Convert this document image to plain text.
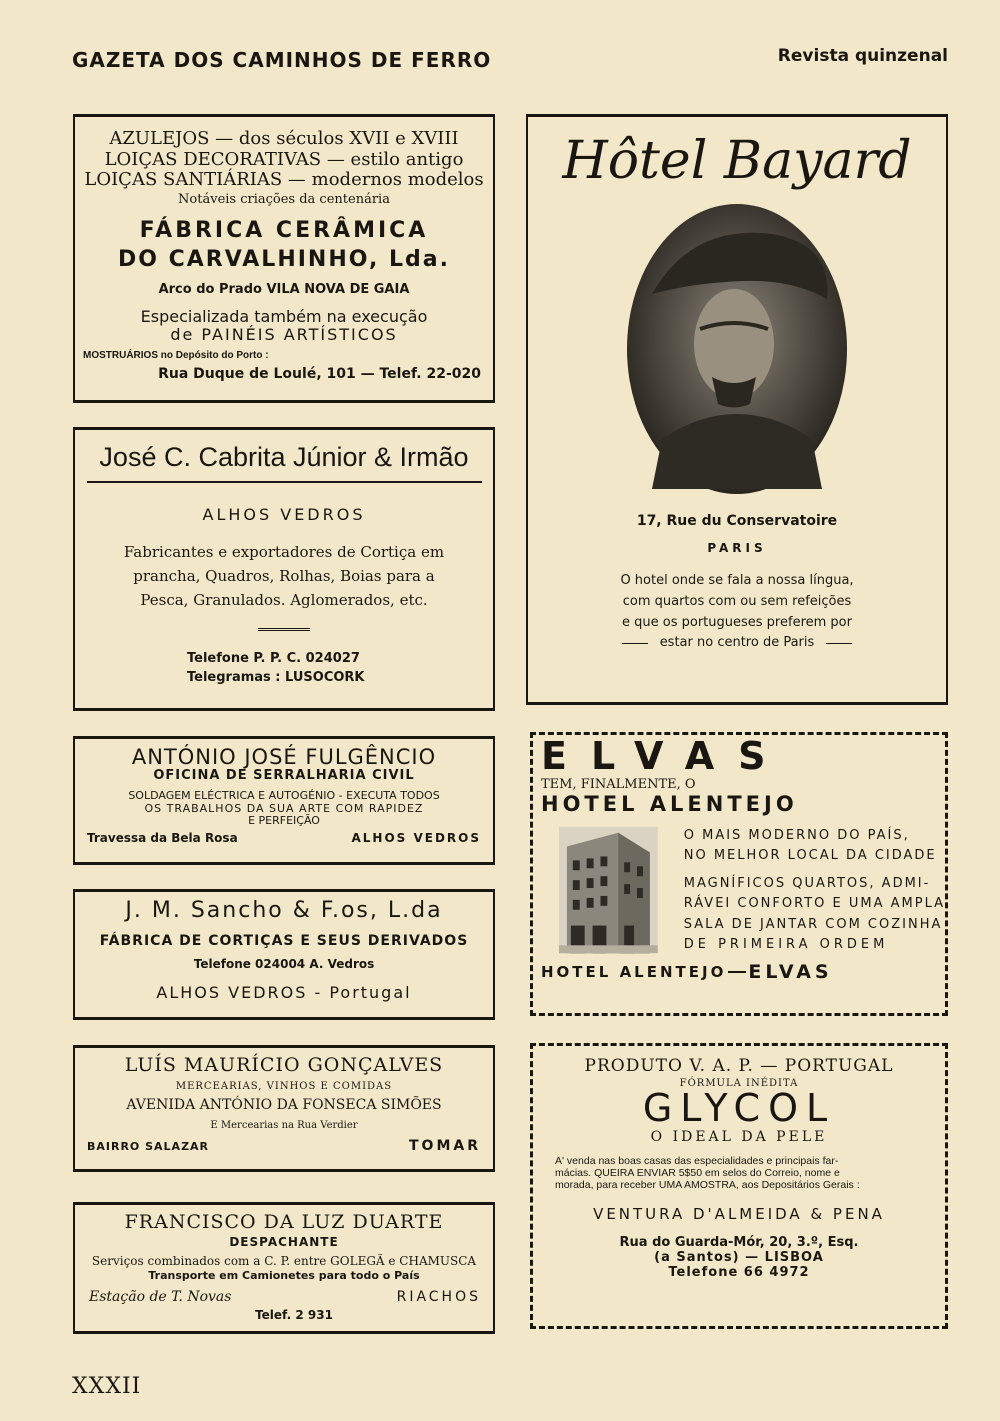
GAZETA DOS CAMINHOS DE FERRO	Revista quinzenal
AZULEJOS — dos séculos XVII e XVIII
LOIÇAS DECORATIVAS — estilo antigo
LOIÇAS SANTIÁRIAS — modernos modelos
Notáveis criações da centenária
FÁBRICA CERÂMICA
DO CARVALHINHO, Lda.
Arco do Prado VILA NOVA DE GAIA
Especializada também na execução
de PAINÉIS ARTÍSTICOS
MOSTRUÁRIOS no Depósito do Porto :
Rua Duque de Loulé, 101 — Telef. 22-020
José C. Cabrita Júnior & Irmão
ALHOS VEDROS
Fabricantes e exportadores de Cortiça em
prancha, Quadros, Rolhas, Boias para a
Pesca, Granulados. Aglomerados, etc.
Telefone P. P. C. 024027
Telegramas : LUSOCORK
ANTÓNIO JOSÉ FULGÊNCIO
OFICINA DE SERRALHARIA CIVIL
SOLDAGEM ELÉCTRICA E AUTOGÉNIO - EXECUTA TODOS
OS TRABALHOS DA SUA ARTE COM RAPIDEZ
E PERFEIÇÃO
Travessa da Bela Rosa	ALHOS VEDROS
J. M. Sancho & F.os, L.da
FÁBRICA DE CORTIÇAS E SEUS DERIVADOS
Telefone 024004 A. Vedros
ALHOS VEDROS - Portugal
LUÍS MAURÍCIO GONÇALVES
MERCEARIAS, VINHOS E COMIDAS
AVENIDA ANTÓNIO DA FONSECA SIMÕES
E Mercearias na Rua Verdier
BAIRRO SALAZAR	TOMAR
FRANCISCO DA LUZ DUARTE
DESPACHANTE
Serviços combinados com a C. P. entre GOLEGÃ e CHAMUSCA
Transporte em Camionetes para todo o País
Estação de T. Novas	RIACHOS
Telef. 2 931
Hôtel Bayard
17, Rue du Conservatoire
PARIS
O hotel onde se fala a nossa língua,
com quartos com ou sem refeições
e que os portugueses preferem por
estar no centro de Paris
ELVAS
TEM, FINALMENTE, O
HOTEL ALENTEJO
O MAIS MODERNO DO PAÍS,
NO MELHOR LOCAL DA CIDADE
MAGNÍFICOS QUARTOS, ADMI-
RÁVEI CONFORTO E UMA AMPLA
SALA DE JANTAR COM COZINHA
DE PRIMEIRA ORDEM
HOTEL ALENTEJO ELVAS
PRODUTO V. A. P. — PORTUGAL
FÓRMULA INÉDITA
GLYCOL
O IDEAL DA PELE
A' venda nas boas casas das especialidades e principais far-
mácias. QUEIRA ENVIAR 5$50 em selos do Correio, nome e
morada, para receber UMA AMOSTRA, aos Depositários Gerais :
VENTURA D'ALMEIDA & PENA
Rua do Guarda-Mór, 20, 3.º, Esq.
(a Santos) — LISBOA
Telefone 66 4972
XXXII
